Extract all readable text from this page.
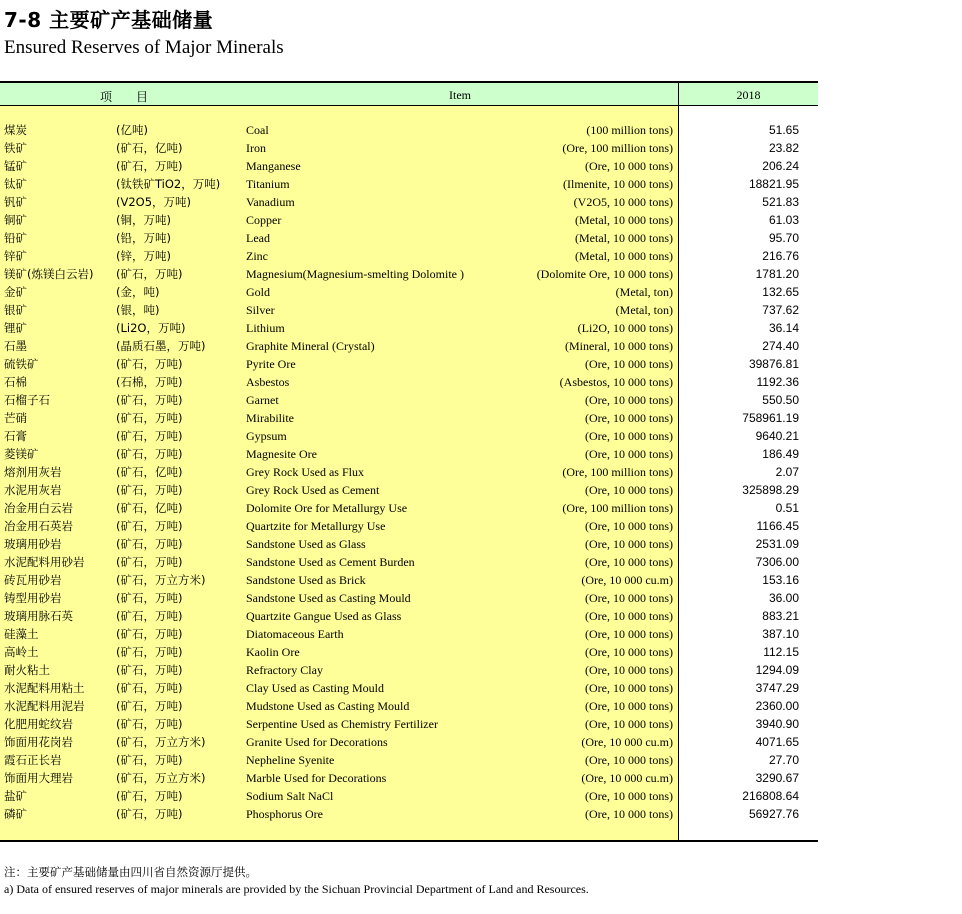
7-8 主要矿产基础储量
Ensured Reserves of Major Minerals
项　　目	Item	2018
煤炭	(亿吨)	Coal	(100 million tons)	51.65
铁矿	(矿石，亿吨)	Iron	(Ore, 100 million tons)	23.82
锰矿	(矿石，万吨)	Manganese	(Ore, 10 000 tons)	206.24
钛矿	(钛铁矿TiO2，万吨) Titanium	(Ilmenite, 10 000 tons)	18821.95
钒矿	(V2O5，万吨)	Vanadium	(V2O5, 10 000 tons)	521.83
铜矿	(铜，万吨)	Copper	(Metal, 10 000 tons)	61.03
铅矿	(铅，万吨)	Lead	(Metal, 10 000 tons)	95.70
锌矿	(锌，万吨)	Zinc	(Metal, 10 000 tons)	216.76
镁矿(炼镁白云岩) (矿石，万吨)	Magnesium(Magnesium-smelting Dolomite )	(Dolomite Ore, 10 000 tons)	1781.20
金矿	(金，吨)	Gold	(Metal, ton)	132.65
银矿	(银，吨)	Silver	(Metal, ton)	737.62
锂矿	(Li2O，万吨)	Lithium	(Li2O, 10 000 tons)	36.14
石墨	(晶质石墨，万吨)	Graphite Mineral (Crystal)	(Mineral, 10 000 tons)	274.40
硫铁矿	(矿石，万吨)	Pyrite Ore	(Ore, 10 000 tons)	39876.81
石棉	(石棉，万吨)	Asbestos	(Asbestos, 10 000 tons)	1192.36
石榴子石	(矿石，万吨)	Garnet	(Ore, 10 000 tons)	550.50
芒硝	(矿石，万吨)	Mirabilite	(Ore, 10 000 tons)	758961.19
石膏	(矿石，万吨)	Gypsum	(Ore, 10 000 tons)	9640.21
菱镁矿	(矿石，万吨)	Magnesite Ore	(Ore, 10 000 tons)	186.49
熔剂用灰岩	(矿石，亿吨)	Grey Rock Used as Flux	(Ore, 100 million tons)	2.07
水泥用灰岩	(矿石，万吨)	Grey Rock Used as Cement	(Ore, 10 000 tons)	325898.29
冶金用白云岩	(矿石，亿吨)	Dolomite Ore for Metallurgy Use	(Ore, 100 million tons)	0.51
冶金用石英岩	(矿石，万吨)	Quartzite for Metallurgy Use	(Ore, 10 000 tons)	1166.45
玻璃用砂岩	(矿石，万吨)	Sandstone Used as Glass	(Ore, 10 000 tons)	2531.09
水泥配料用砂岩	(矿石，万吨)	Sandstone Used as Cement Burden	(Ore, 10 000 tons)	7306.00
砖瓦用砂岩	(矿石，万立方米)	Sandstone Used as Brick	(Ore, 10 000 cu.m)	153.16
铸型用砂岩	(矿石，万吨)	Sandstone Used as Casting Mould	(Ore, 10 000 tons)	36.00
玻璃用脉石英	(矿石，万吨)	Quartzite Gangue Used as Glass	(Ore, 10 000 tons)	883.21
硅藻土	(矿石，万吨)	Diatomaceous Earth	(Ore, 10 000 tons)	387.10
高岭土	(矿石，万吨)	Kaolin Ore	(Ore, 10 000 tons)	112.15
耐火粘土	(矿石，万吨)	Refractory Clay	(Ore, 10 000 tons)	1294.09
水泥配料用粘土	(矿石，万吨)	Clay Used as Casting Mould	(Ore, 10 000 tons)	3747.29
水泥配料用泥岩	(矿石，万吨)	Mudstone Used as Casting Mould	(Ore, 10 000 tons)	2360.00
化肥用蛇纹岩	(矿石，万吨)	Serpentine Used as Chemistry Fertilizer	(Ore, 10 000 tons)	3940.90
饰面用花岗岩	(矿石，万立方米)	Granite Used for Decorations	(Ore, 10 000 cu.m)	4071.65
霞石正长岩	(矿石，万吨)	Nepheline Syenite	(Ore, 10 000 tons)	27.70
饰面用大理岩	(矿石，万立方米)	Marble Used for Decorations	(Ore, 10 000 cu.m)	3290.67
盐矿	(矿石，万吨)	Sodium Salt NaCl	(Ore, 10 000 tons)	216808.64
磷矿	(矿石，万吨)	Phosphorus Ore	(Ore, 10 000 tons)	56927.76
注：主要矿产基础储量由四川省自然资源厅提供。
a) Data of ensured reserves of major minerals are provided by the Sichuan Provincial Department of Land and Resources.
